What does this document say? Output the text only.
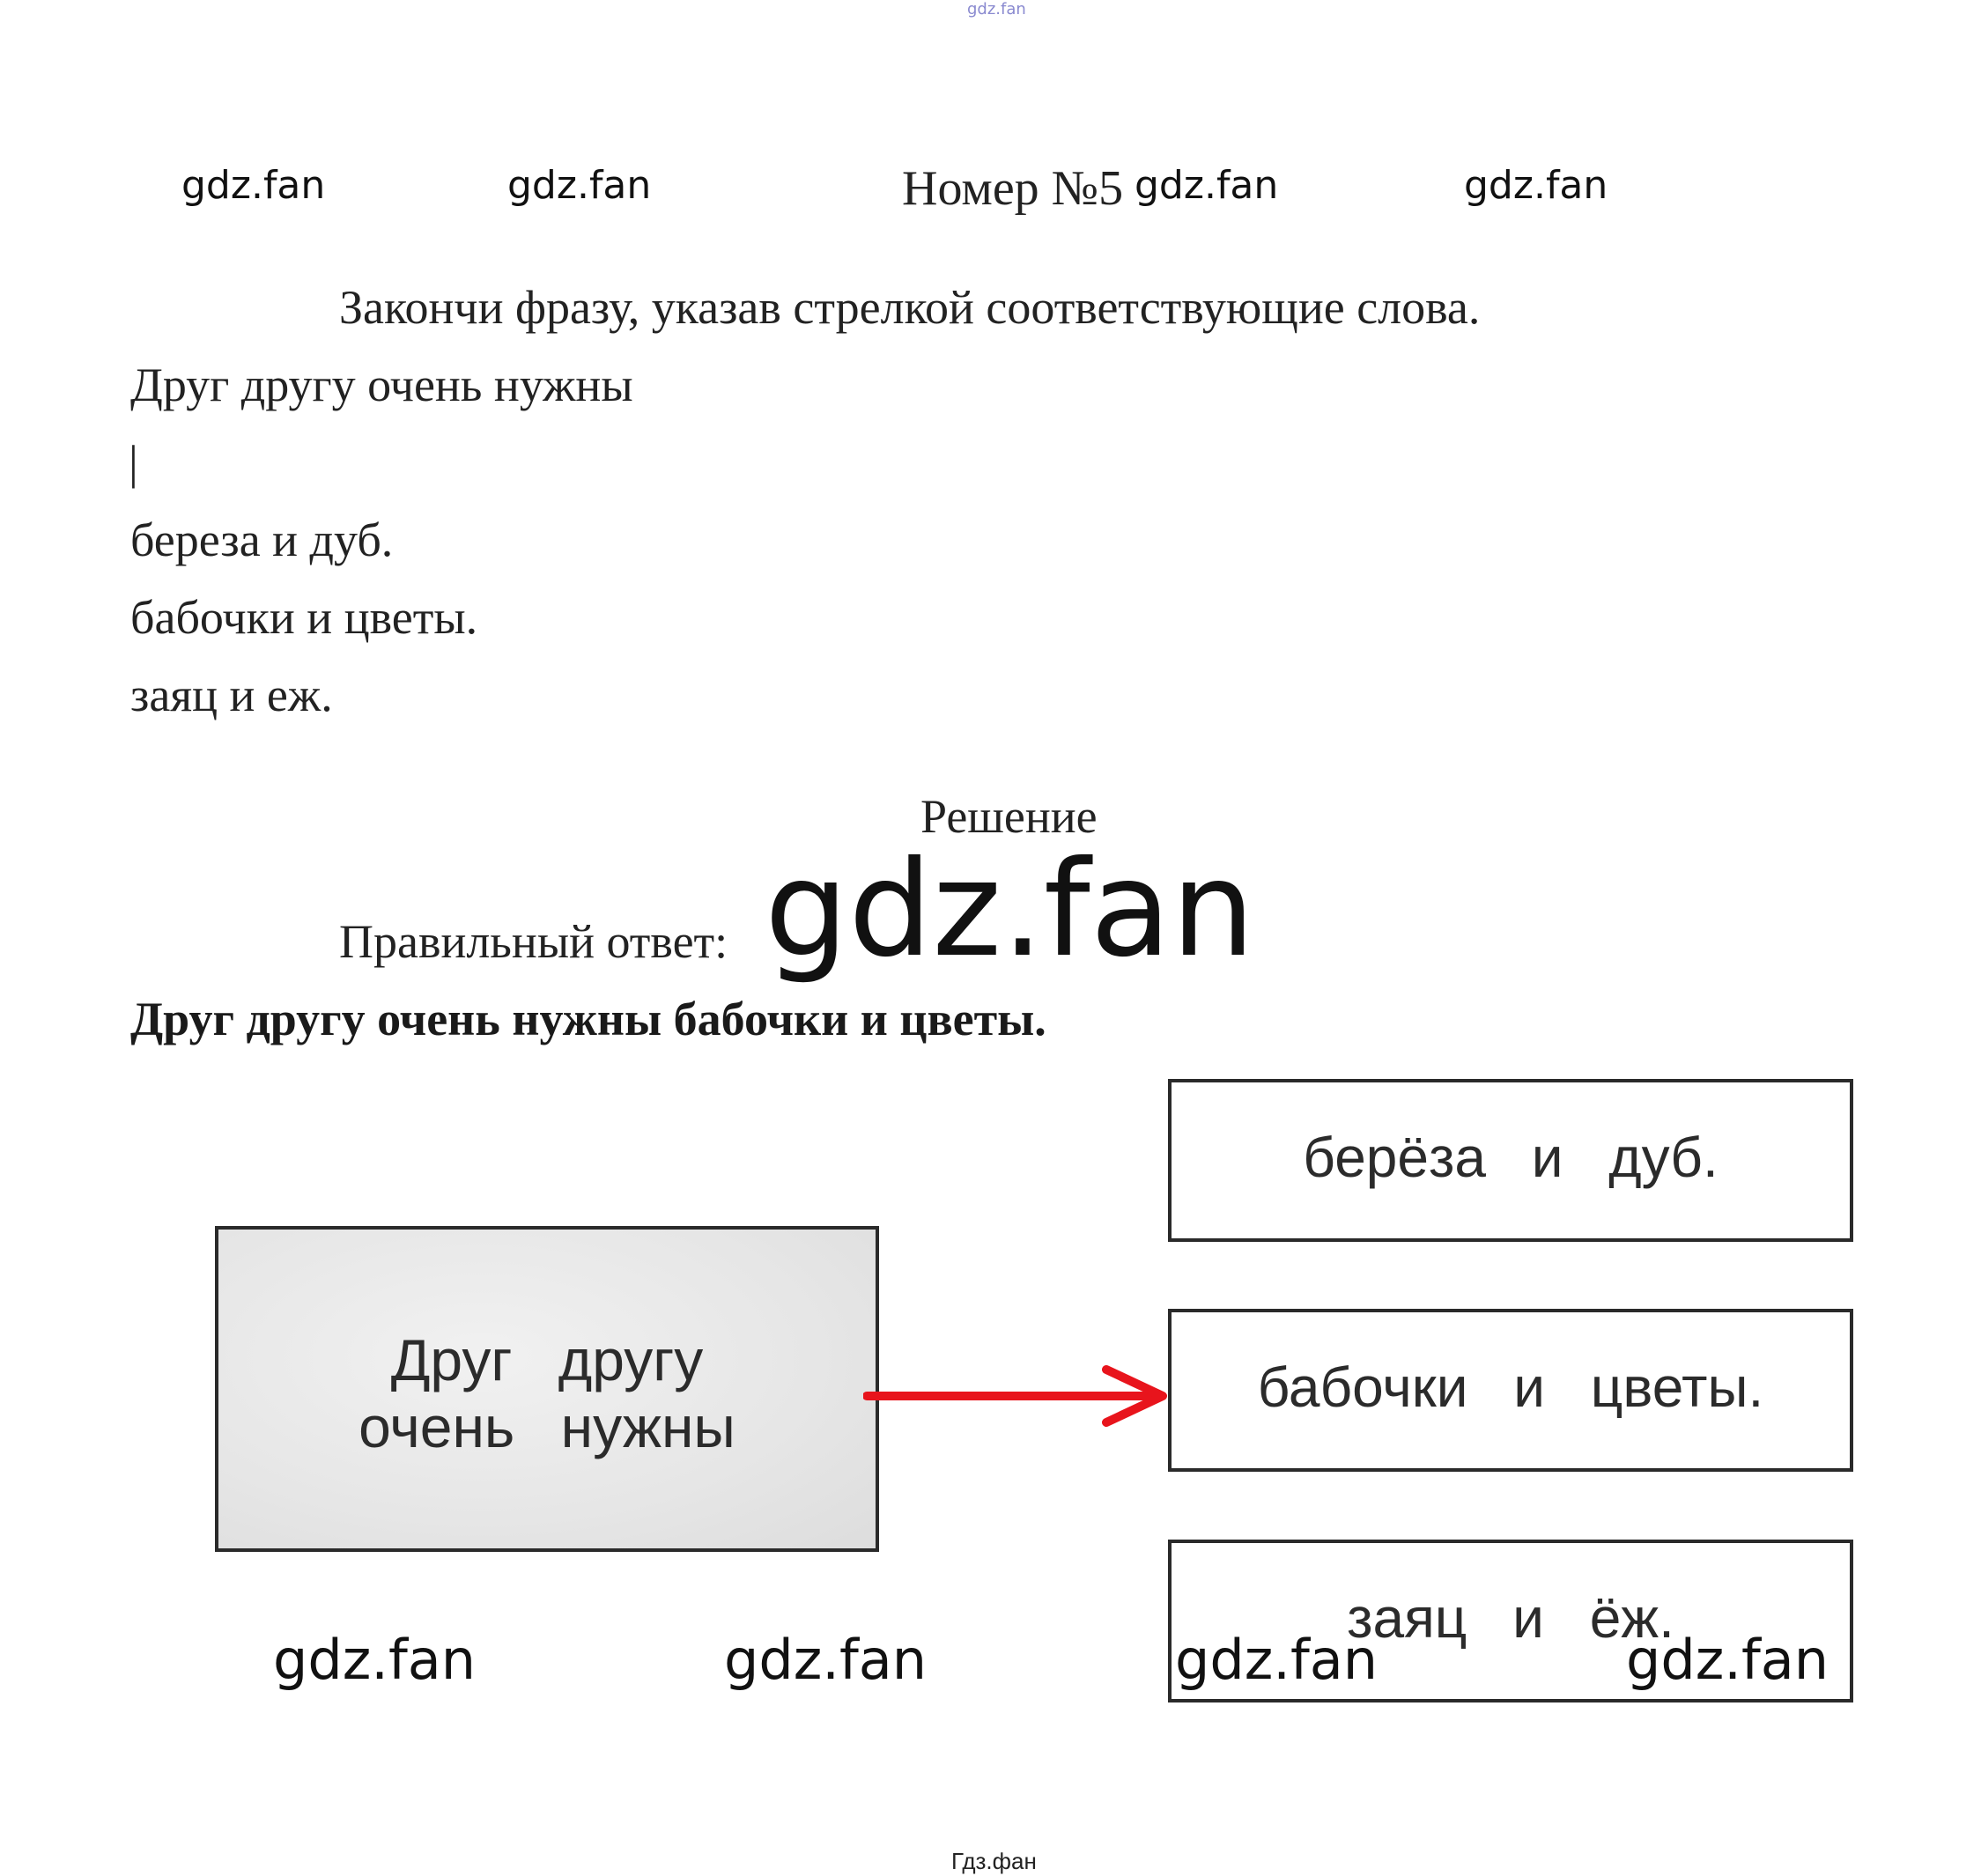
gdz.fan
gdz.fan	gdz.fan	Номер №5 gdz.fan	gdz.fan
Закончи фразу, указав стрелкой соответствующие слова.
Друг другу очень нужны
|
береза и дуб.
бабочки и цветы.
заяц и еж.
Решение
Правильный ответ: gdz.fan
Друг другу очень нужны бабочки и цветы.
Друг другу
очень нужны
берёза и дуб.
бабочки и цветы.
заяц и ёж.
gdz.fan	gdz.fan	gdz.fan	gdz.fan
Гдз.фан
